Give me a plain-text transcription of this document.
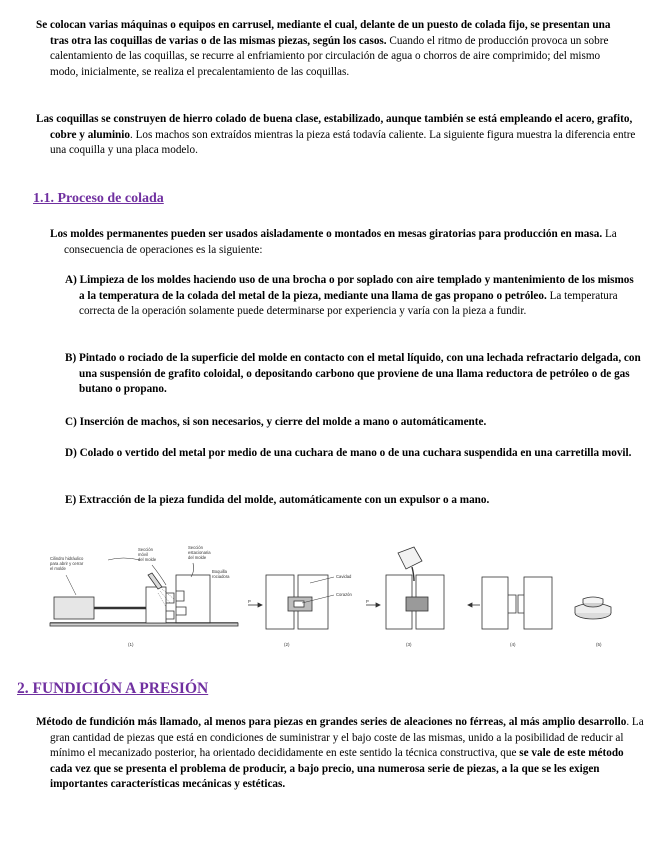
Se colocan varias máquinas o equipos en carrusel, mediante el cual, delante de un puesto de colada fijo, se presentan una tras otra las coquillas de varias o de las mismas piezas, según los casos. Cuando el ritmo de producción provoca un sobre calentamiento de las coquillas, se recurre al enfriamiento por circulación de agua o chorros de aire comprimido; del mismo modo, inicialmente, se realiza el precalentamiento de las coquillas.

Las coquillas se construyen de hierro colado de buena clase, estabilizado, aunque también se está empleando el acero, grafito, cobre y aluminio. Los machos son extraídos mientras la pieza está todavía caliente. La siguiente figura muestra la diferencia entre una coquilla y una placa modelo.

1.1. Proceso de colada

Los moldes permanentes pueden ser usados aisladamente o montados en mesas giratorias para producción en masa. La consecuencia de operaciones es la siguiente:

A) Limpieza de los moldes haciendo uso de una brocha o por soplado con aire templado y mantenimiento de los mismos a la temperatura de la colada del metal de la pieza, mediante una llama de gas propano o petróleo. La temperatura correcta de la operación solamente puede determinarse por experiencia y varía con la pieza a fundir.

B) Pintado o rociado de la superficie del molde en contacto con el metal líquido, con una lechada refractario delgada, con una suspensión de grafito coloidal, o depositando carbono que proviene de una llama reductora de petróleo o de gas butano o propano.

C) Inserción de machos, si son necesarios, y cierre del molde a mano o automáticamente.

D) Colado o vertido del metal por medio de una cuchara de mano o de una cuchara suspendida en una carretilla movil.

E) Extracción de la pieza fundida del molde, automáticamente con un expulsor o a mano.

Cilindro hidráulico
para abrir y cerrar
el molde
Sección
móvil
del molde
Sección
estacionaria
del molde
Boquilla
rociadora	Cavidad
Corazón
P	P
(1)	(2)	(3)	(4)	(5)
2. FUNDICIÓN A PRESIÓN

Método de fundición más llamado, al menos para piezas en grandes series de aleaciones no férreas, al más amplio desarrollo. La gran cantidad de piezas que está en condiciones de suministrar y el bajo coste de las mismas, unido a la posibilidad de reducir al mínimo el mecanizado posterior, ha orientado decididamente en este sentido la técnica constructiva, que se vale de este método cada vez que se presenta el problema de producir, a bajo precio, una numerosa serie de piezas, a la que se les exigen importantes características mecánicas y estéticas.
